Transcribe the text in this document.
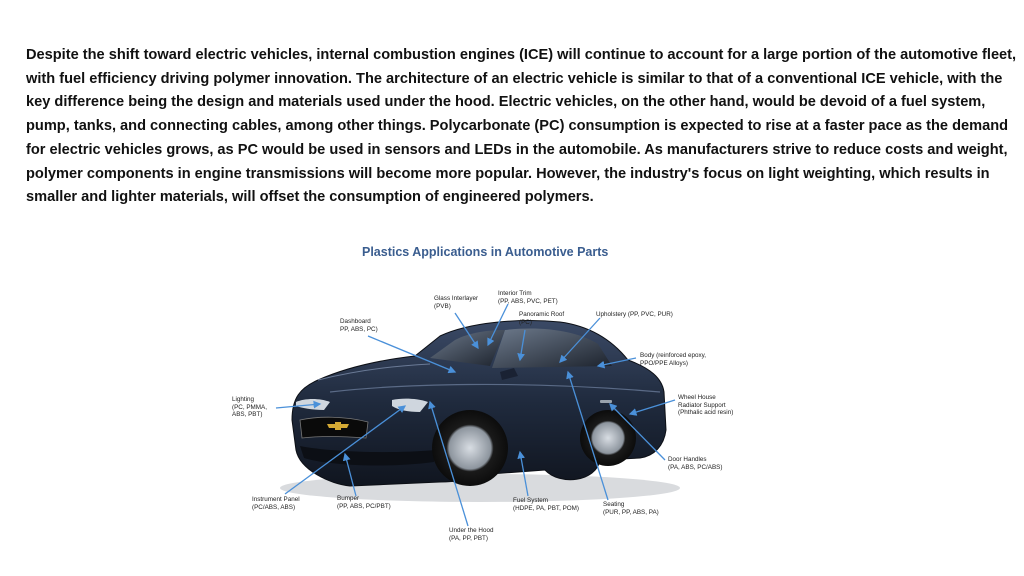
Despite the shift toward electric vehicles, internal combustion engines (ICE) will continue to account for a large portion of the automotive fleet, with fuel efficiency driving polymer innovation. The architecture of an electric vehicle is similar to that of a conventional ICE vehicle, with the key difference being the design and materials used under the hood. Electric vehicles, on the other hand, would be devoid of a fuel system, pump, tanks, and connecting cables, among other things. Polycarbonate (PC) consumption is expected to rise at a faster pace as the demand for electric vehicles grows, as PC would be used in sensors and LEDs in the automobile. As manufacturers strive to reduce costs and weight, polymer components in engine transmissions will become more popular. However, the industry's focus on light weighting, which results in smaller and lighter materials, will offset the consumption of engineered polymers.

Plastics Applications in Automotive Parts
Glass Interlayer
(PVB)
Interior Trim
(PP, ABS, PVC, PET)
Panoramic Roof
(PC)
Upholstery (PP, PVC, PUR)
Dashboard
PP, ABS, PC)
Body (reinforced epoxy,
PPO/PPE Alloys)
Lighting
(PC, PMMA,
ABS, PBT)
Wheel House
Radiator Support
(Phthalic acid resin)
Door Handles
(PA, ABS, PC/ABS)
Instrument Panel
(PC/ABS, ABS)
Bumper
(PP, ABS, PC/PBT)
Fuel System
(HDPE, PA, PBT, POM)
Seating
(PUR, PP, ABS, PA)
Under the Hood
(PA, PP, PBT)
